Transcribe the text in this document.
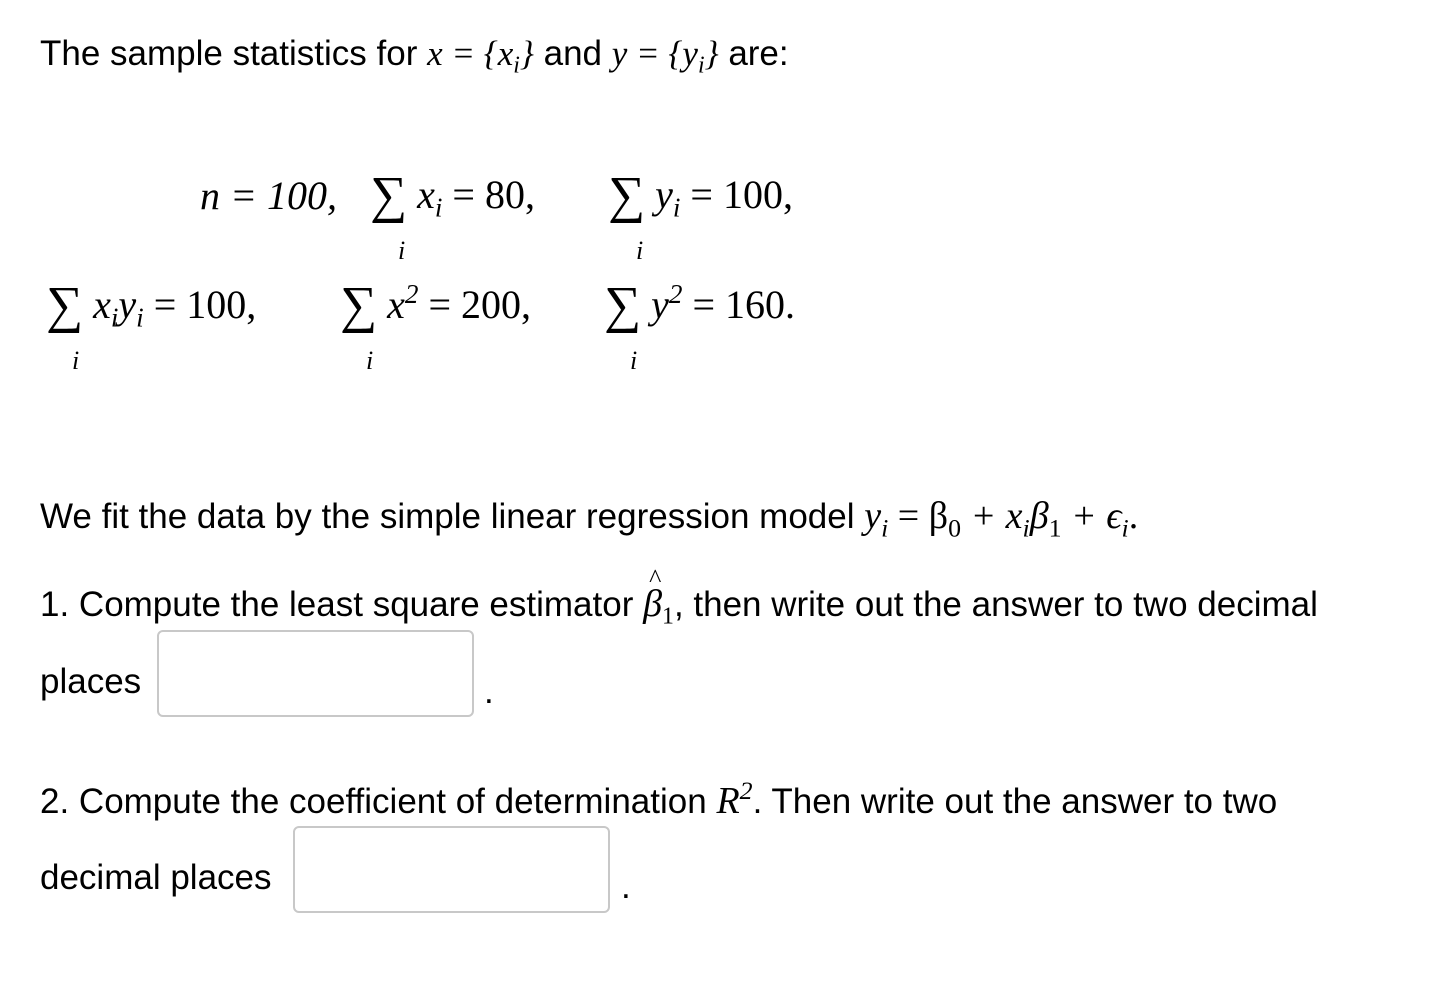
The sample statistics for $x = \{x_i\}$ and $y = \{y_i\}$ are:
n = 100, ∑ $x_i = 80$,
i
∑ $y_i = 100$,
i
∑ $x_iy_i = 100$,
i
∑ $x^2 = 200$,
i
∑ $y^2 = 160$.
i
We fit the data by the simple linear regression model $y_i = \beta_0 + x_i\beta_1 + \epsilon_i$.
1. Compute the least square estimator ^ $\beta_1$, then write out the answer to two decimal
places	.
2. Compute the coefficient of determination $R^2$. Then write out the answer to two
decimal places	.
